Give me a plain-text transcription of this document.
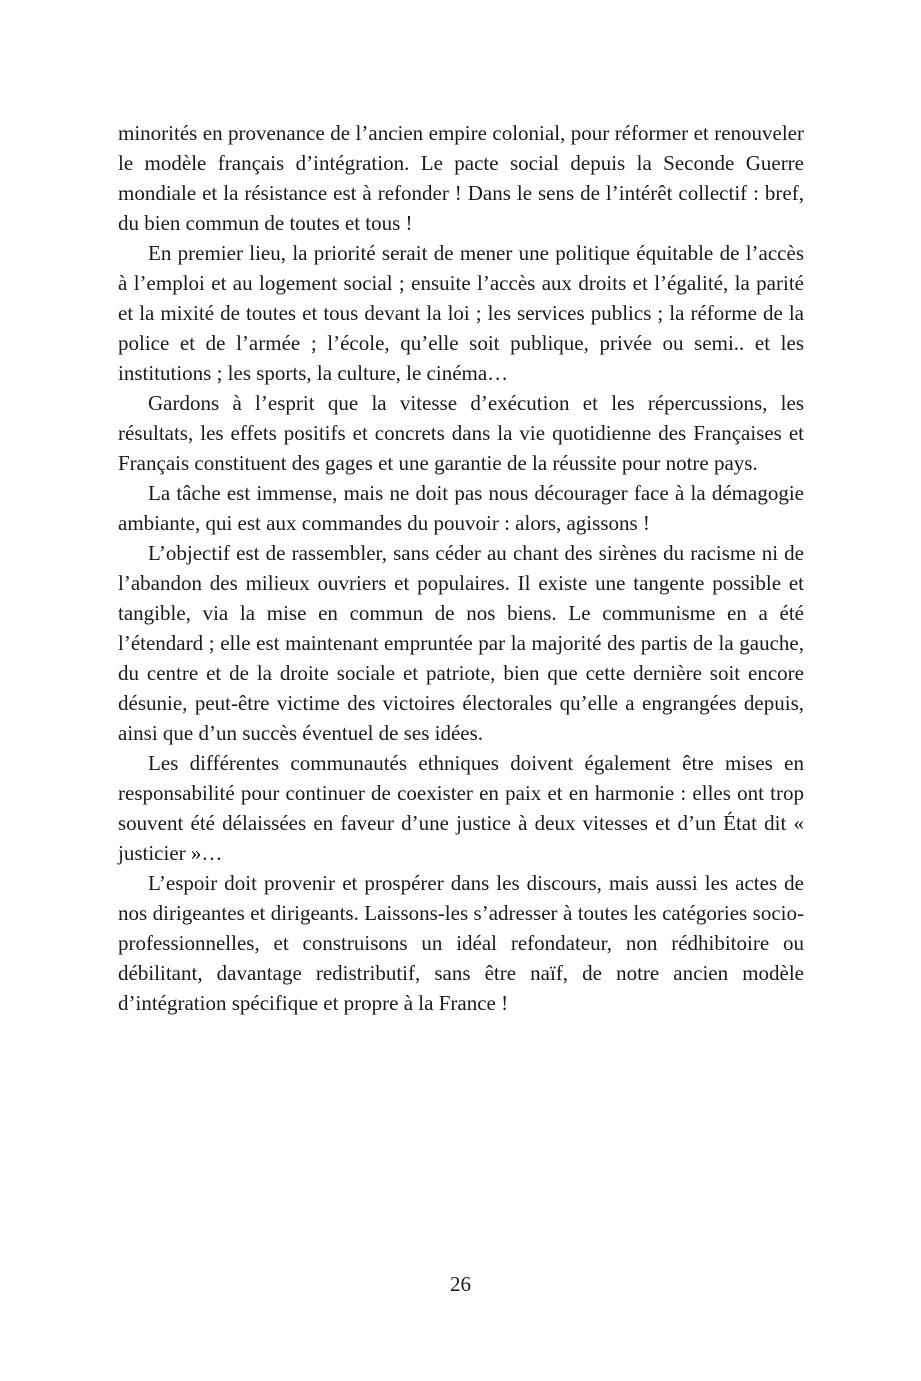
minorités en provenance de l’ancien empire colonial, pour réformer et renouveler le modèle français d’intégration. Le pacte social depuis la Seconde Guerre mondiale et la résistance est à refonder ! Dans le sens de l’intérêt collectif : bref, du bien commun de toutes et tous !

En premier lieu, la priorité serait de mener une politique équitable de l’accès à l’emploi et au logement social ; ensuite l’accès aux droits et l’égalité, la parité et la mixité de toutes et tous devant la loi ; les services publics ; la réforme de la police et de l’armée ; l’école, qu’elle soit publique, privée ou semi.. et les institutions ; les sports, la culture, le cinéma…

Gardons à l’esprit que la vitesse d’exécution et les répercussions, les résultats, les effets positifs et concrets dans la vie quotidienne des Françaises et Français constituent des gages et une garantie de la réussite pour notre pays.

La tâche est immense, mais ne doit pas nous décourager face à la démagogie ambiante, qui est aux commandes du pouvoir : alors, agissons !

L’objectif est de rassembler, sans céder au chant des sirènes du racisme ni de l’abandon des milieux ouvriers et populaires. Il existe une tangente possible et tangible, via la mise en commun de nos biens. Le communisme en a été l’étendard ; elle est maintenant empruntée par la majorité des partis de la gauche, du centre et de la droite sociale et patriote, bien que cette dernière soit encore désunie, peut-être victime des victoires électorales qu’elle a engrangées depuis, ainsi que d’un succès éventuel de ses idées.

Les différentes communautés ethniques doivent également être mises en responsabilité pour continuer de coexister en paix et en harmonie : elles ont trop souvent été délaissées en faveur d’une justice à deux vitesses et d’un État dit « justicier »…

L’espoir doit provenir et prospérer dans les discours, mais aussi les actes de nos dirigeantes et dirigeants. Laissons-les s’adresser à toutes les catégories socio-professionnelles, et construisons un idéal refondateur, non rédhibitoire ou débilitant, davantage redistributif, sans être naïf, de notre ancien modèle d’intégration spécifique et propre à la France !

26
